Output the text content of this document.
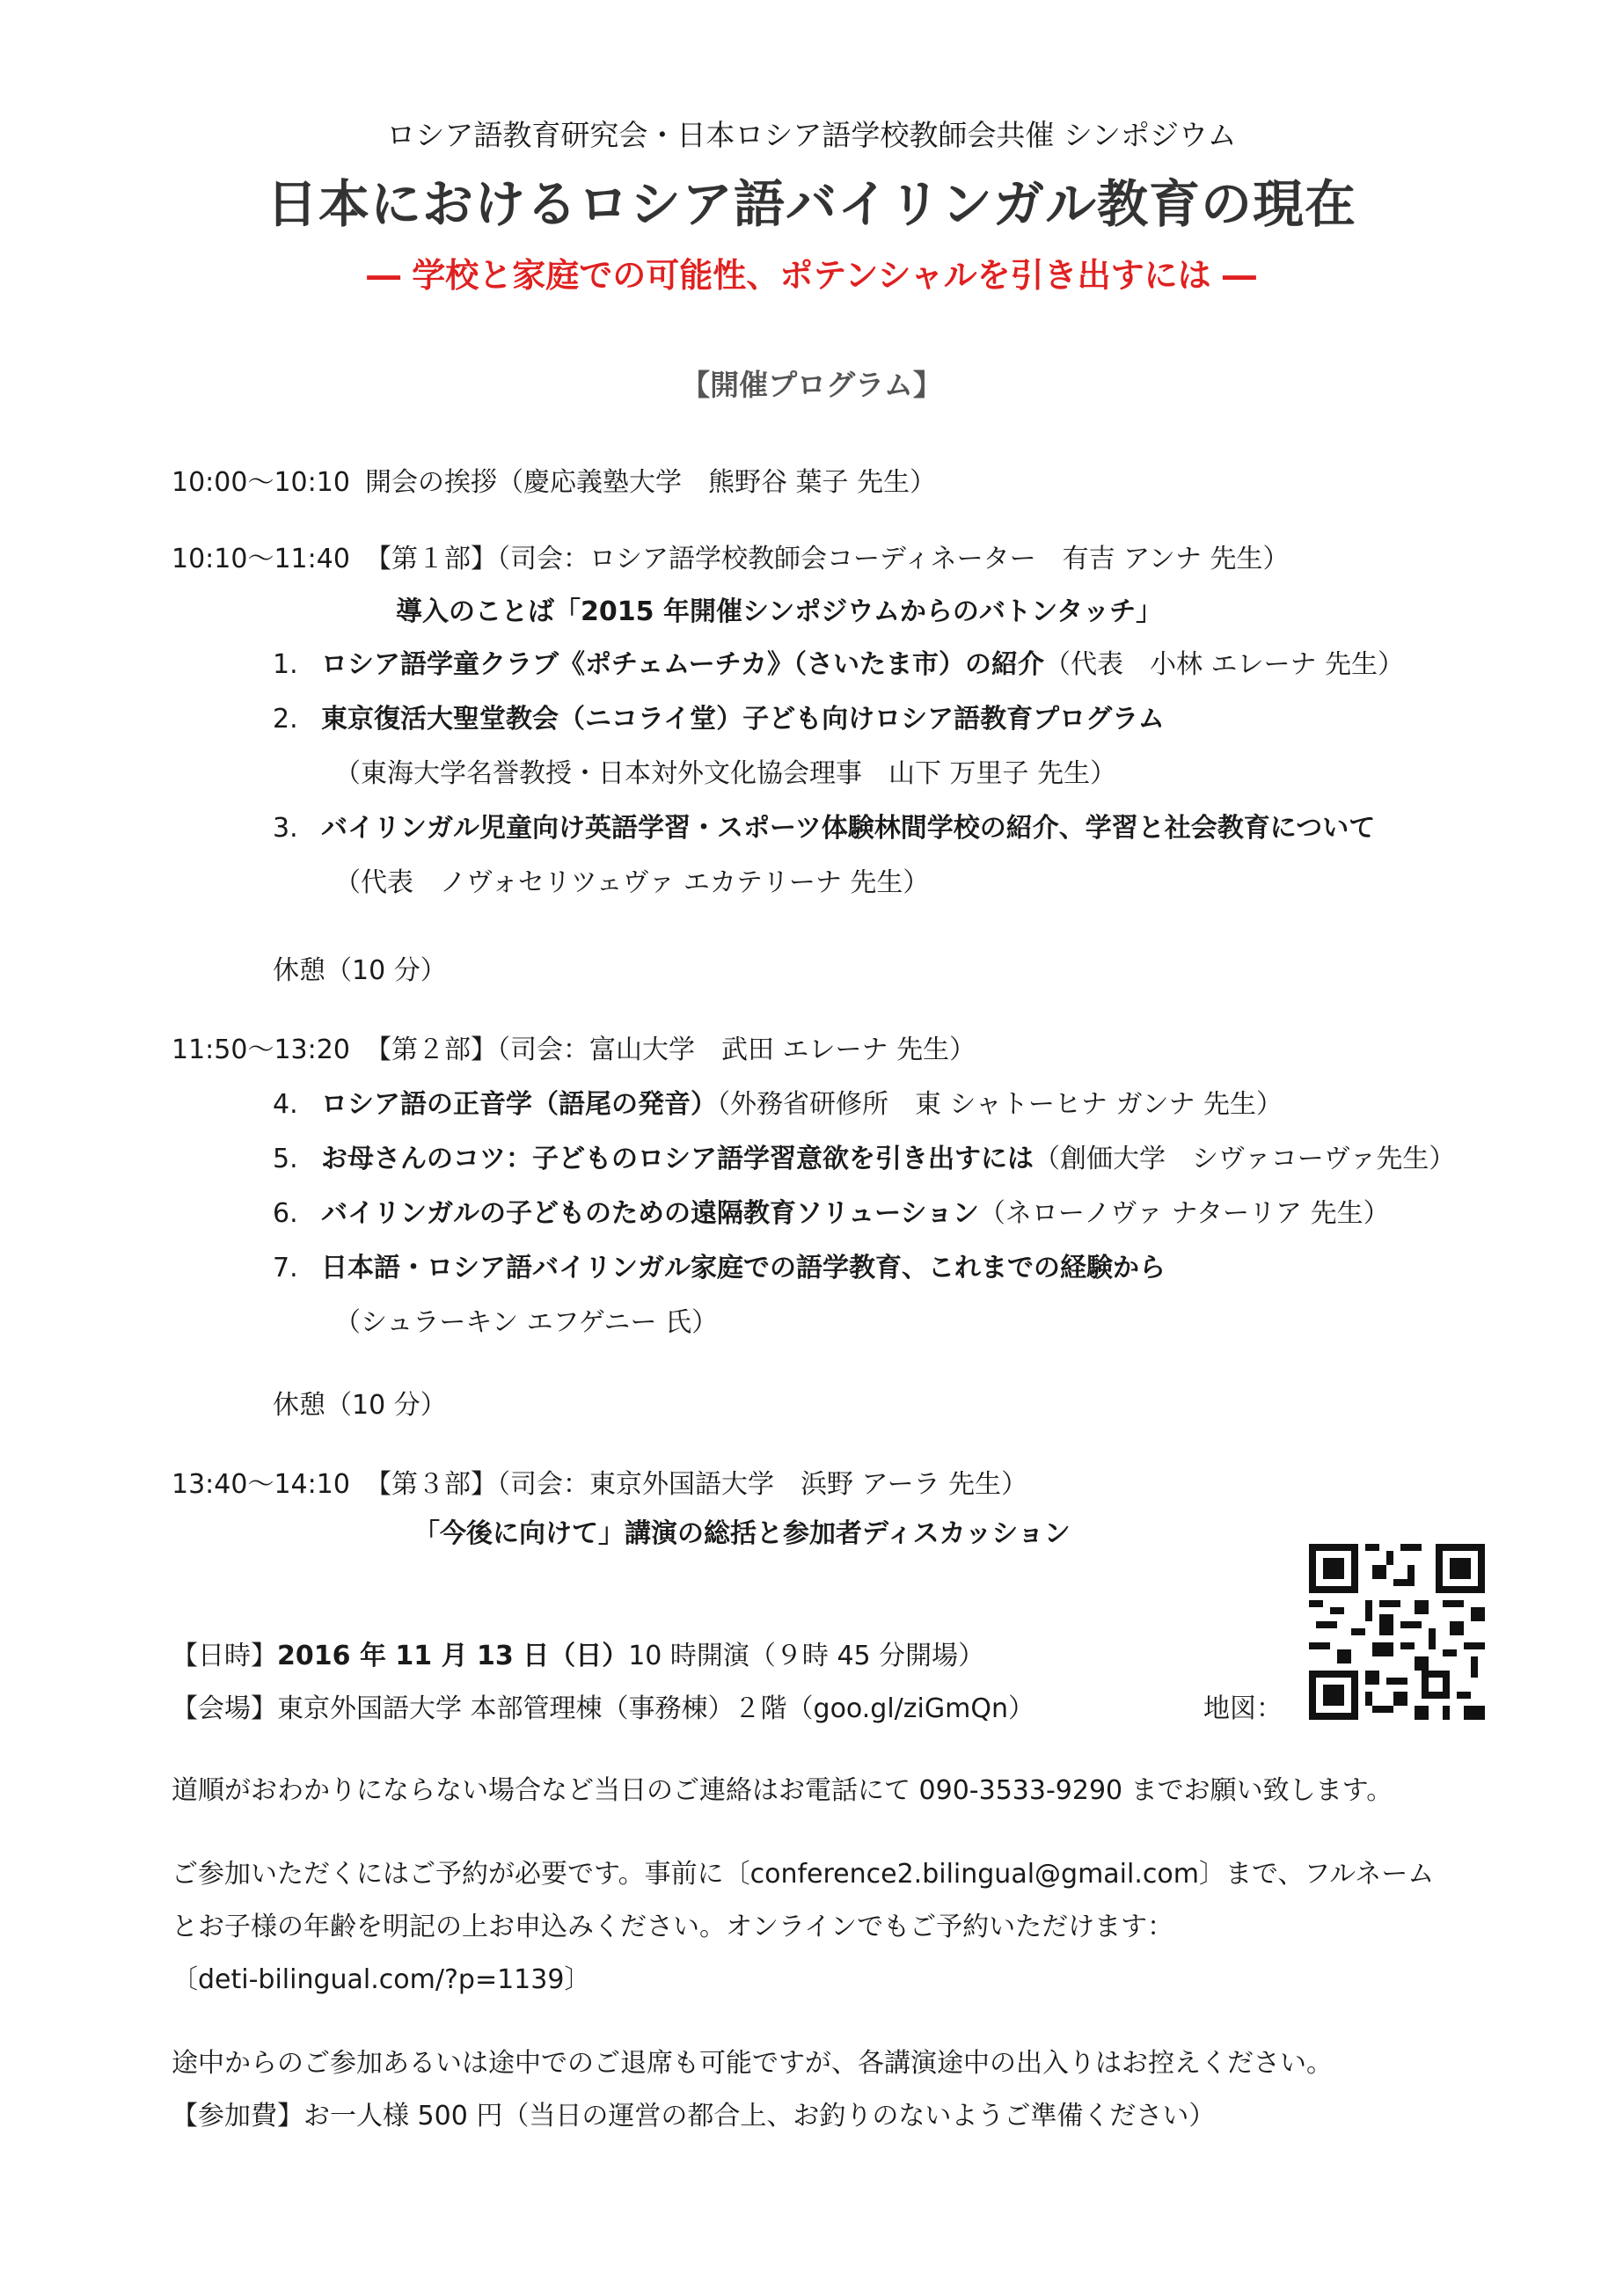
ロシア語教育研究会・日本ロシア語学校教師会共催 シンポジウム
日本におけるロシア語バイリンガル教育の現在
― 学校と家庭での可能性、ポテンシャルを引き出すには ―
【開催プログラム】
10:00～10:10 開会の挨拶（慶応義塾大学　熊野谷 葉子 先生）
10:10～11:40 【第１部】（司会：ロシア語学校教師会コーディネーター　有吉 アンナ 先生）
導入のことば「2015 年開催シンポジウムからのバトンタッチ」
1. ロシア語学童クラブ《ポチェムーチカ》（さいたま市）の紹介（代表　小林 エレーナ 先生）
2. 東京復活大聖堂教会（ニコライ堂）子ども向けロシア語教育プログラム
（東海大学名誉教授・日本対外文化協会理事　山下 万里子 先生）
3. バイリンガル児童向け英語学習・スポーツ体験林間学校の紹介、学習と社会教育について
（代表　ノヴォセリツェヴァ エカテリーナ 先生）
休憩（10 分）
11:50～13:20 【第２部】（司会：富山大学　武田 エレーナ 先生）
4. ロシア語の正音学（語尾の発音）（外務省研修所　東 シャトーヒナ ガンナ 先生）
5. お母さんのコツ：子どものロシア語学習意欲を引き出すには（創価大学　シヴァコーヴァ先生）
6. バイリンガルの子どものための遠隔教育ソリューション（ネローノヴァ ナターリア 先生）
7. 日本語・ロシア語バイリンガル家庭での語学教育、これまでの経験から
（シュラーキン エフゲニー 氏）
休憩（10 分）
13:40～14:10 【第３部】（司会：東京外国語大学　浜野 アーラ 先生）
「今後に向けて」講演の総括と参加者ディスカッション
【日時】2016 年 11 月 13 日（日）10 時開演（９時 45 分開場）
【会場】東京外国語大学 本部管理棟（事務棟）２階（goo.gl/ziGmQn）	地図：
道順がおわかりにならない場合など当日のご連絡はお電話にて 090-3533-9290 までお願い致します。
ご参加いただくにはご予約が必要です。事前に〔conference2.bilingual@gmail.com〕まで、フルネーム
とお子様の年齢を明記の上お申込みください。オンラインでもご予約いただけます：
〔deti-bilingual.com/?p=1139〕
途中からのご参加あるいは途中でのご退席も可能ですが、各講演途中の出入りはお控えください。
【参加費】お一人様 500 円（当日の運営の都合上、お釣りのないようご準備ください）
